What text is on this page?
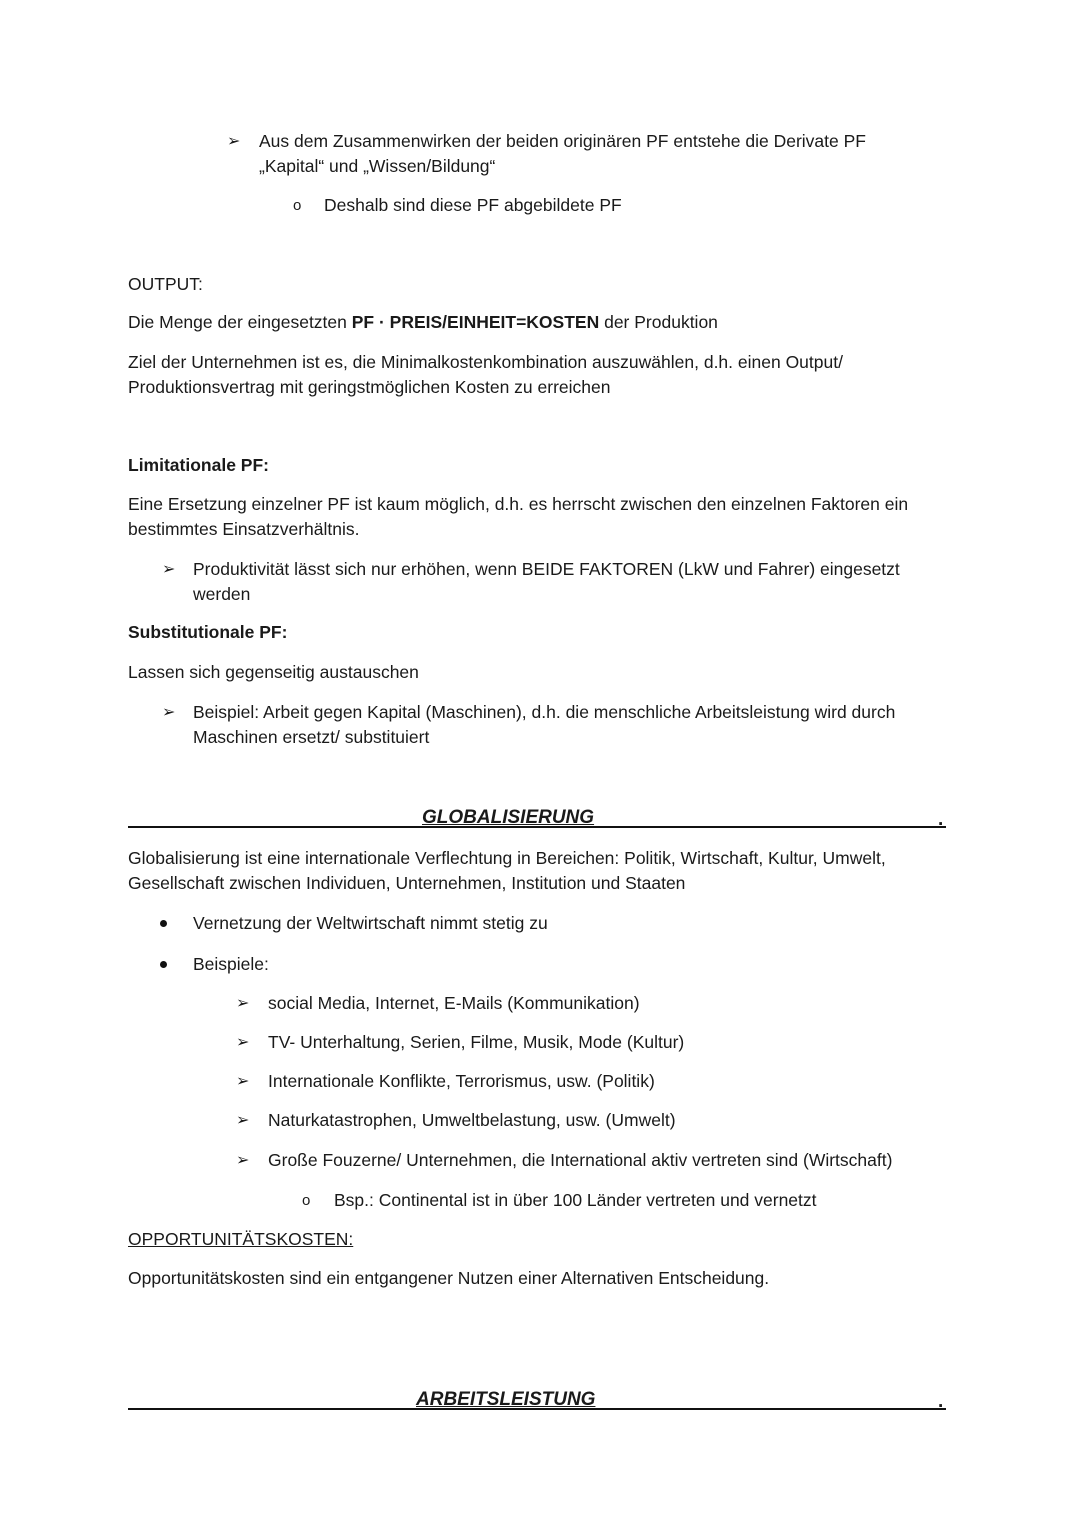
➢ Aus dem Zusammenwirken der beiden originären PF entstehe die Derivate PF
„Kapital“ und „Wissen/Bildung“
o Deshalb sind diese PF abgebildete PF
OUTPUT:
Die Menge der eingesetzten PF · PREIS/EINHEIT=KOSTEN der Produktion
Ziel der Unternehmen ist es, die Minimalkostenkombination auszuwählen, d.h. einen Output/
Produktionsvertrag mit geringstmöglichen Kosten zu erreichen
Limitationale PF:
Eine Ersetzung einzelner PF ist kaum möglich, d.h. es herrscht zwischen den einzelnen Faktoren ein
bestimmtes Einsatzverhältnis.
➢ Produktivität lässt sich nur erhöhen, wenn BEIDE FAKTOREN (LkW und Fahrer) eingesetzt
werden
Substitutionale PF:
Lassen sich gegenseitig austauschen
➢ Beispiel: Arbeit gegen Kapital (Maschinen), d.h. die menschliche Arbeitsleistung wird durch
Maschinen ersetzt/ substituiert
GLOBALISIERUNG	.
Globalisierung ist eine internationale Verflechtung in Bereichen: Politik, Wirtschaft, Kultur, Umwelt,
Gesellschaft zwischen Individuen, Unternehmen, Institution und Staaten
Vernetzung der Weltwirtschaft nimmt stetig zu
Beispiele:
➢ social Media, Internet, E-Mails (Kommunikation)
➢ TV- Unterhaltung, Serien, Filme, Musik, Mode (Kultur)
➢ Internationale Konflikte, Terrorismus, usw. (Politik)
➢ Naturkatastrophen, Umweltbelastung, usw. (Umwelt)
➢ Große Fouzerne/ Unternehmen, die International aktiv vertreten sind (Wirtschaft)
o Bsp.: Continental ist in über 100 Länder vertreten und vernetzt
OPPORTUNITÄTSKOSTEN:
Opportunitätskosten sind ein entgangener Nutzen einer Alternativen Entscheidung.
ARBEITSLEISTUNG	.
